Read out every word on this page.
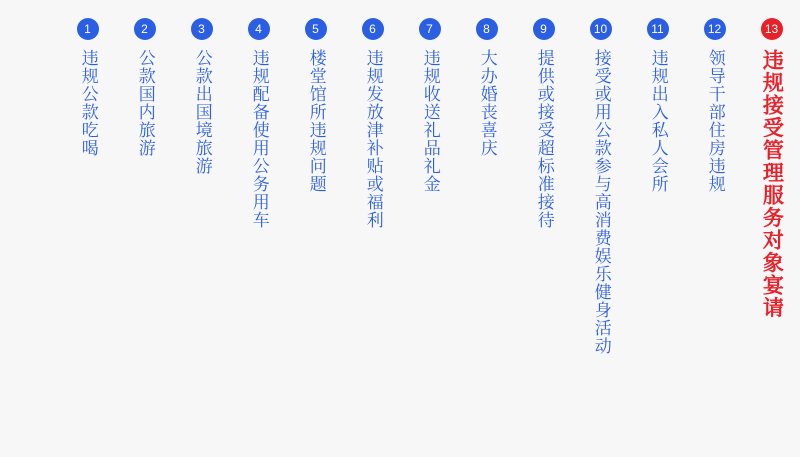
13
违规接受管理服务对象宴请
12
领导干部住房违规
11
违规出入私人会所
10
接受或用公款参与高消费娱乐健身活动
9
提供或接受超标准接待
8
大办婚丧喜庆
7
违规收送礼品礼金
6
违规发放津补贴或福利
5
楼堂馆所违规问题
4
违规配备使用公务用车
3
公款出国境旅游
2
公款国内旅游
1
违规公款吃喝
